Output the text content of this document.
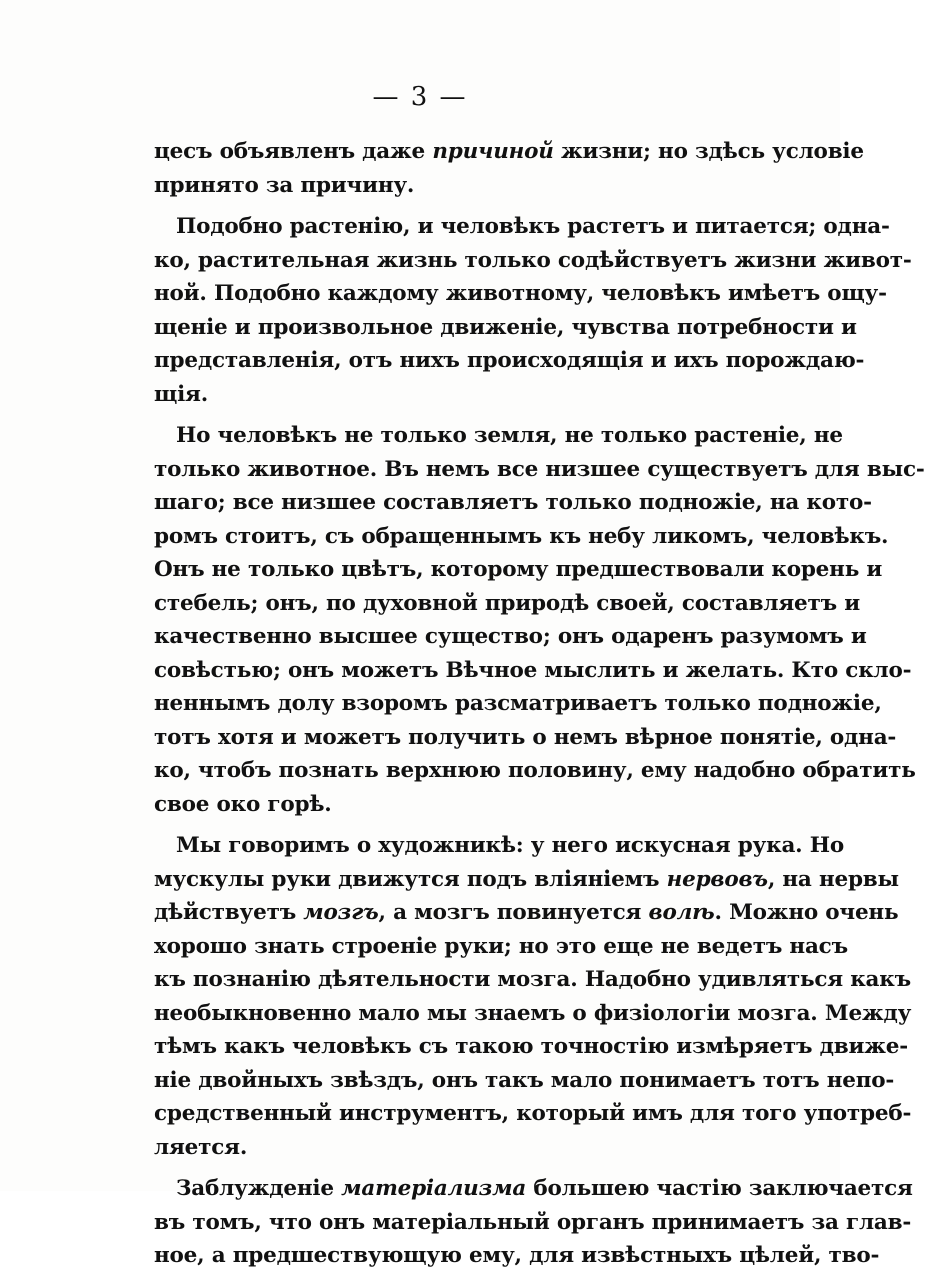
— 3 —
цесъ объявленъ даже причиной жизни; но здѣсь условіе
принято за причину.
Подобно растенію, и человѣкъ растетъ и питается; одна-
ко, растительная жизнь только содѣйствуетъ жизни живот-
ной. Подобно каждому животному, человѣкъ имѣетъ ощу-
щеніе и произвольное движеніе, чувства потребности и
представленія, отъ нихъ происходящія и ихъ порождаю-
щія.
Но человѣкъ не только земля, не только растеніе, не
только животное. Въ немъ все низшее существуетъ для выс-
шаго; все низшее составляетъ только подножіе, на кото-
ромъ стоитъ, съ обращеннымъ къ небу ликомъ, человѣкъ.
Онъ не только цвѣтъ, которому предшествовали корень и
стебель; онъ, по духовной природѣ своей, составляетъ и
качественно высшее существо; онъ одаренъ разумомъ и
совѣстью; онъ можетъ Вѣчное мыслить и желать. Кто скло-
неннымъ долу взоромъ разсматриваетъ только подножіе,
тотъ хотя и можетъ получить о немъ вѣрное понятіе, одна-
ко, чтобъ познать верхнюю половину, ему надобно обратить
свое око горѣ.
Мы говоримъ о художникѣ: у него искусная рука. Но
мускулы руки движутся подъ вліяніемъ нервовъ, на нервы
дѣйствуетъ мозгъ, а мозгъ повинуется волѣ. Можно очень
хорошо знать строеніе руки; но это еще не ведетъ насъ
къ познанію дѣятельности мозга. Надобно удивляться какъ
необыкновенно мало мы знаемъ о физіологіи мозга. Между
тѣмъ какъ человѣкъ съ такою точностію измѣряетъ движе-
ніе двойныхъ звѣздъ, онъ такъ мало понимаетъ тотъ непо-
средственный инструментъ, который имъ для того употреб-
ляется.
Заблужденіе матеріализма большею частію заключается
въ томъ, что онъ матеріальный органъ принимаетъ за глав-
ное, а предшествующую ему, для извѣстныхъ цѣлей, тво-
